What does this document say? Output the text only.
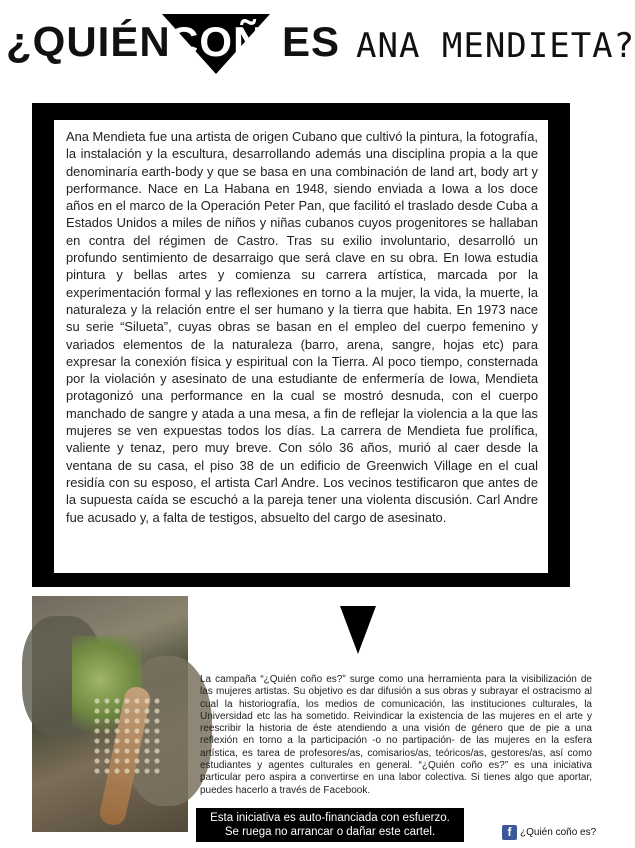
¿QUIÉN
COÑO
ES ANA MENDIETA?

Ana Mendieta fue una artista de origen Cubano que cultivó la pintura, la fotografía, la instalación y la escultura, desarrollando además una disciplina propia a la que denominaría earth-body y que se basa en una combinación de land art, body art y performance. Nace en La Habana en 1948, siendo enviada a Iowa a los doce años en el marco de la Operación Peter Pan, que facilitó el traslado desde Cuba a Estados Unidos a miles de niños y niñas cubanos cuyos progenitores se hallaban en contra del régimen de Castro. Tras su exilio involuntario, desarrolló un profundo sentimiento de desarraigo que será clave en su obra. En Iowa estudia pintura y bellas artes y comienza su carrera artística, marcada por la experimentación formal y las reflexiones en torno a la mujer, la vida, la muerte, la naturaleza y la relación entre el ser humano y la tierra que habita. En 1973 nace su serie “Silueta”, cuyas obras se basan en el empleo del cuerpo femenino y variados elementos de la naturaleza (barro, arena, sangre, hojas etc) para expresar la conexión física y espiritual con la Tierra. Al poco tiempo, consternada por la violación y asesinato de una estudiante de enfermería de Iowa, Mendieta protagonizó una performance en la cual se mostró desnuda, con el cuerpo manchado de sangre y atada a una mesa, a fin de reflejar la violencia a la que las mujeres se ven expuestas todos los días. La carrera de Mendieta fue prolífica, valiente y tenaz, pero muy breve. Con sólo 36 años, murió al caer desde la ventana de su casa, el piso 38 de un edificio de Greenwich Village en el cual residía con su esposo, el artista Carl Andre. Los vecinos testificaron que antes de la supuesta caída se escuchó a la pareja tener una violenta discusión. Carl Andre fue acusado y, a falta de testigos, absuelto del cargo de asesinato.

La campaña “¿Quién coño es?” surge como una herramienta para la visibilización de las mujeres artistas. Su objetivo es dar difusión a sus obras y subrayar el ostracismo al cual la historiografía, los medios de comunicación, las instituciones culturales, la Universidad etc las ha sometido. Reivindicar la existencia de las mujeres en el arte y reescribir la historia de éste atendiendo a una visión de género que de pie a una reflexión en torno a la participación -o no partipación- de las mujeres en la esfera artística, es tarea de profesores/as, comisarios/as, teóricos/as, gestores/as, así como estudiantes y agentes culturales en general. “¿Quién coño es?” es una iniciativa particular pero aspira a convertirse en una labor colectiva. Si tienes algo que aportar, puedes hacerlo a través de Facebook.

Esta iniciativa es auto-financiada con esfuerzo.
Se ruega no arrancar o dañar este cartel.	f ¿Quién coño es?
